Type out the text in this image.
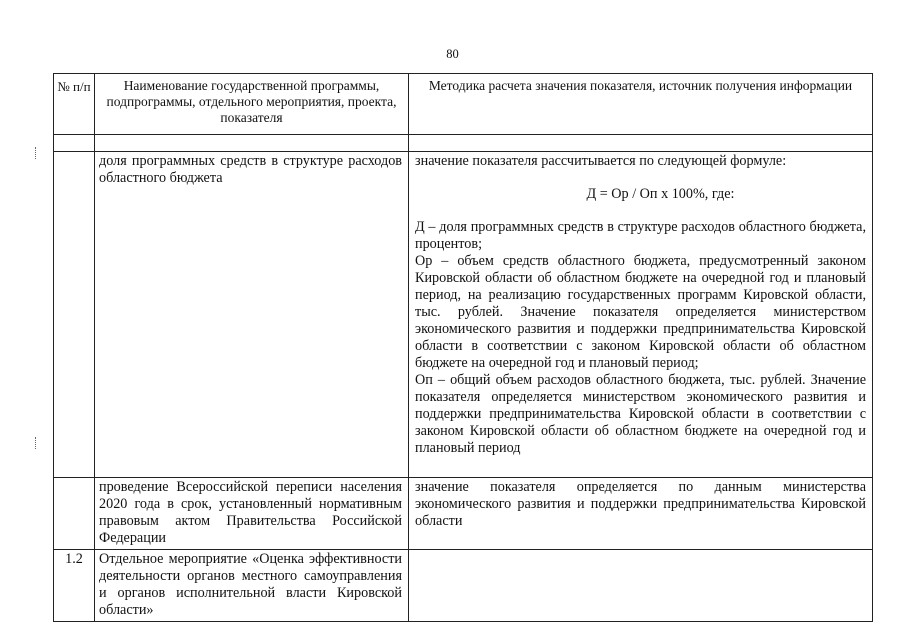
80
№ п/п	Наименование государственной программы, подпрограммы, отдельного мероприятия, проекта, показателя	Методика расчета значения показателя, источник получения информации

	доля программных средств в структуре расходов областного бюджета	значение показателя рассчитывается по следующей формуле:
Д = Ор / Оп х 100%, где:
Д – доля программных средств в структуре расходов областного бюджета, процентов;
Ор – объем средств областного бюджета, предусмотренный законом Кировской области об областном бюджете на очередной год и плановый период, на реализацию государственных программ Кировской области, тыс. рублей. Значение показателя определяется министерством экономического развития и поддержки предпринимательства Кировской области в соответствии с законом Кировской области об областном бюджете на очередной год и плановый период;
Оп – общий объем расходов областного бюджета, тыс. рублей. Значение показателя определяется министерством экономического развития и поддержки предпринимательства Кировской области в соответствии с законом Кировской области об областном бюджете на очередной год и плановый период

	проведение Всероссийской переписи населения 2020 года в срок, установленный нормативным правовым актом Правительства Российской Федерации	значение показателя определяется по данным министерства экономического развития и поддержки предпринимательства Кировской области
1.2	Отдельное мероприятие «Оценка эффективности деятельности органов местного самоуправления и органов исполнительной власти Кировской области»	
